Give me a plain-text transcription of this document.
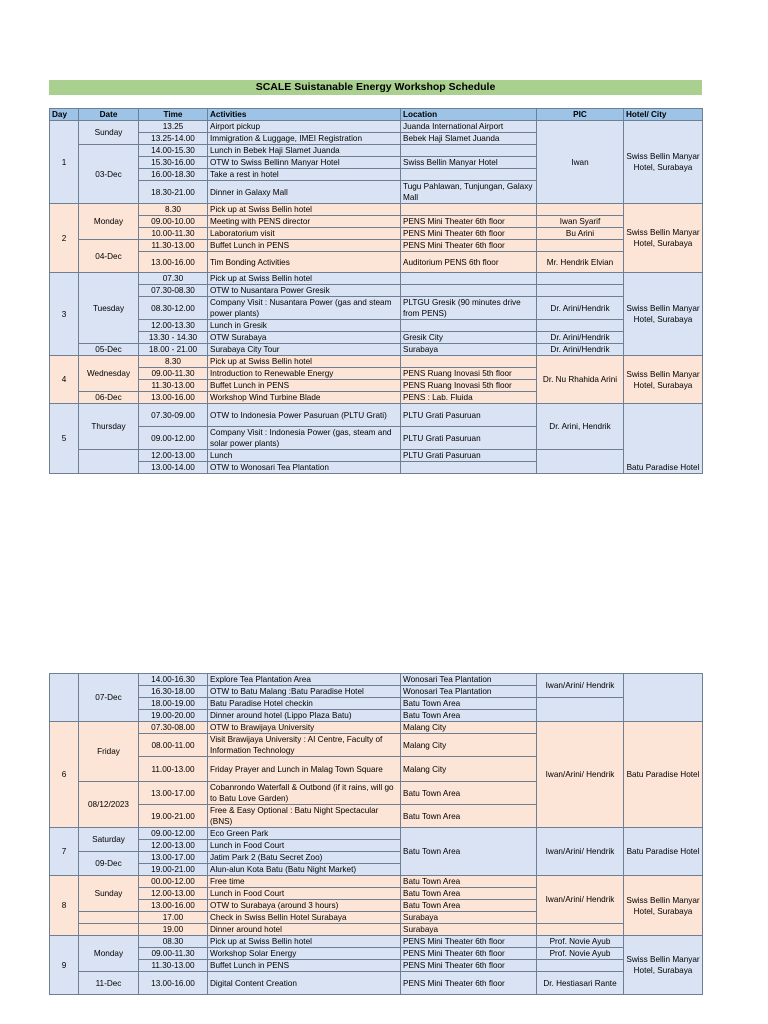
SCALE Suistanable Energy Workshop Schedule
Day	Date	Time	Activities	Location	PIC	Hotel/ City
1	Sunday	13.25	Airport pickup	Juanda International Airport	Iwan	Swiss Bellin Manyar Hotel, Surabaya
		13.25-14.00	Immigration & Luggage, IMEI Registration	Bebek Haji Slamet Juanda		
	03-Dec	14.00-15.30	Lunch in Bebek Haji Slamet Juanda			
		15.30-16.00	OTW to Swiss Bellinn Manyar Hotel	Swiss Bellin Manyar Hotel		
		16.00-18.30	Take a rest in hotel			
		18.30-21.00	Dinner in Galaxy Mall	Tugu Pahlawan, Tunjungan, Galaxy Mall		
2	Monday	8.30	Pick up at Swiss Bellin hotel			Swiss Bellin Manyar Hotel, Surabaya
		09.00-10.00	Meeting with PENS director	PENS Mini Theater 6th floor	Iwan Syarif	
		10.00-11.30	Laboratorium visit	PENS Mini Theater 6th floor	Bu Arini	
	04-Dec	11.30-13.00	Buffet Lunch in PENS	PENS Mini Theater 6th floor		
		13.00-16.00	Tim Bonding Activities	Auditorium PENS 6th floor	Mr. Hendrik Elvian	
3	Tuesday	07.30	Pick up at Swiss Bellin hotel			Swiss Bellin Manyar Hotel, Surabaya
		07.30-08.30	OTW to Nusantara Power Gresik			
		08.30-12.00	Company Visit : Nusantara Power (gas and steam power plants)	PLTGU Gresik (90 minutes drive from PENS)	Dr. Arini/Hendrik	
		12.00-13.30	Lunch in Gresik			
		13.30 - 14.30	OTW Surabaya	Gresik City	Dr. Arini/Hendrik	
	05-Dec	18.00 - 21.00	Surabaya City Tour	Surabaya	Dr. Arini/Hendrik	
4	Wednesday	8.30	Pick up at Swiss Bellin hotel		Dr. Nu Rhahida Arini	Swiss Bellin Manyar Hotel, Surabaya
		09.00-11.30	Introduction to Renewable Energy	PENS Ruang Inovasi 5th floor		
		11.30-13.00	Buffet Lunch in PENS	PENS Ruang Inovasi 5th floor		
	06-Dec	13.00-16.00	Workshop Wind Turbine Blade	PENS : Lab. Fluida		
5	Thursday	07.30-09.00	OTW to Indonesia Power Pasuruan (PLTU Grati)	PLTU Grati Pasuruan	Dr. Arini, Hendrik	Batu Paradise Hotel
		09.00-12.00	Company Visit : Indonesia Power (gas, steam and solar power plants)	PLTU Grati Pasuruan		
		12.00-13.00	Lunch	PLTU Grati Pasuruan		
		13.00-14.00	OTW to Wonosari Tea Plantation			
	07-Dec	14.00-16.30	Explore Tea Plantation Area	Wonosari Tea Plantation	Iwan/Arini/ Hendrik	
		16.30-18.00	OTW to Batu Malang :Batu Paradise Hotel	Wonosari Tea Plantation		
		18.00-19.00	Batu Paradise Hotel checkin	Batu Town Area		
		19.00-20.00	Dinner around hotel (Lippo Plaza Batu)	Batu Town Area		
6	Friday	07.30-08.00	OTW to Brawijaya University	Malang City	Iwan/Arini/ Hendrik	Batu Paradise Hotel
		08.00-11.00	Visit Brawijaya University : AI Centre, Faculty of Information Technology	Malang City		
		11.00-13.00	Friday Prayer and Lunch in Malag Town Square	Malang City		
	08/12/2023	13.00-17.00	Cobanrondo Waterfall & Outbond (if it rains, will go to Batu Love Garden)	Batu Town Area		
		19.00-21.00	Free & Easy Optional : Batu Night Spectacular (BNS)	Batu Town Area		
7	Saturday	09.00-12.00	Eco Green Park	Batu Town Area	Iwan/Arini/ Hendrik	Batu Paradise Hotel
		12.00-13.00	Lunch in Food Court			
	09-Dec	13.00-17.00	Jatim Park 2 (Batu Secret Zoo)			
		19.00-21.00	Alun-alun Kota Batu (Batu Night Market)			
8	Sunday	00.00-12.00	Free time	Batu Town Area	Iwan/Arini/ Hendrik	Swiss Bellin Manyar Hotel, Surabaya
		12.00-13.00	Lunch in Food Court	Batu Town Area		
		13.00-16.00	OTW to Surabaya (around 3 hours)	Batu Town Area		
		17.00	Check in Swiss Bellin Hotel Surabaya	Surabaya		
		19.00	Dinner around hotel	Surabaya		
9	Monday	08.30	Pick up at Swiss Bellin hotel	PENS Mini Theater 6th floor	Prof. Novie Ayub	Swiss Bellin Manyar Hotel, Surabaya
		09.00-11.30	Workshop Solar Energy	PENS Mini Theater 6th floor	Prof. Novie Ayub	
		11.30-13.00	Buffet Lunch in PENS	PENS Mini Theater 6th floor		
	11-Dec	13.00-16.00	Digital Content Creation	PENS Mini Theater 6th floor	Dr. Hestiasari Rante	
